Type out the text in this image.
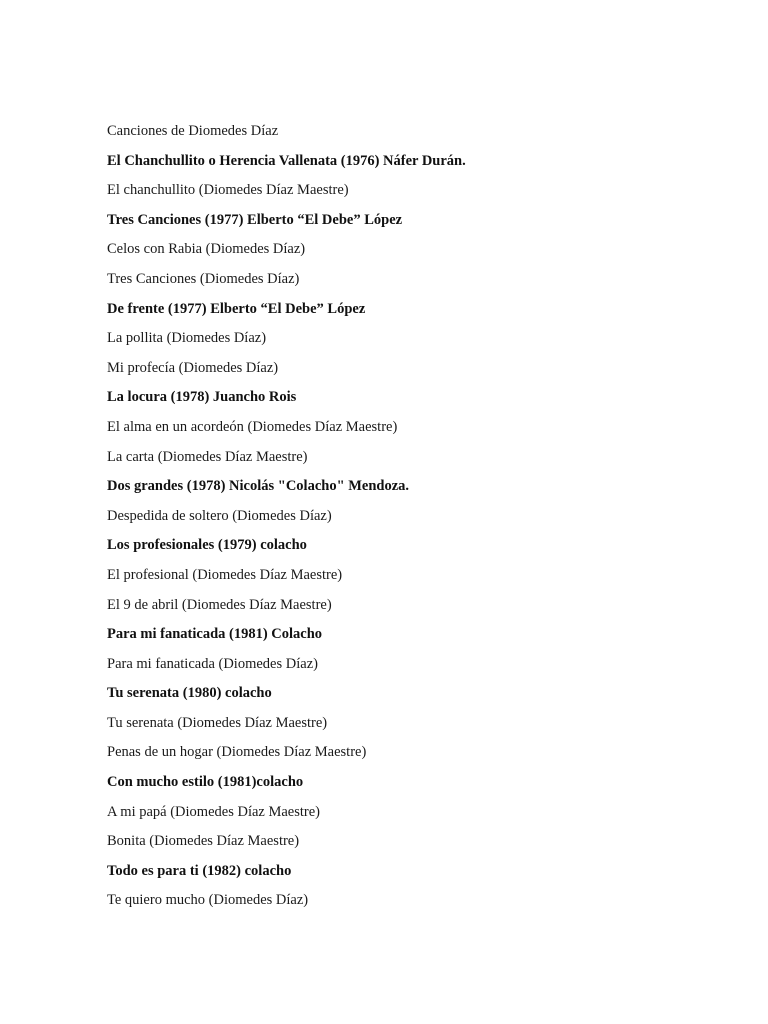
Canciones de Diomedes Díaz
El Chanchullito o Herencia Vallenata (1976) Náfer Durán.
El chanchullito (Diomedes Díaz Maestre)
Tres Canciones (1977) Elberto “El Debe” López
Celos con Rabia (Diomedes Díaz)
Tres Canciones (Diomedes Díaz)
De frente (1977) Elberto “El Debe” López
La pollita (Diomedes Díaz)
Mi profecía (Diomedes Díaz)
La locura (1978) Juancho Rois
El alma en un acordeón (Diomedes Díaz Maestre)
La carta (Diomedes Díaz Maestre)
Dos grandes (1978) Nicolás "Colacho" Mendoza.
Despedida de soltero (Diomedes Díaz)
Los profesionales (1979) colacho
El profesional (Diomedes Díaz Maestre)
El 9 de abril (Diomedes Díaz Maestre)
Para mi fanaticada (1981) Colacho
Para mi fanaticada (Diomedes Díaz)
Tu serenata (1980) colacho
Tu serenata (Diomedes Díaz Maestre)
Penas de un hogar (Diomedes Díaz Maestre)
Con mucho estilo (1981)colacho
A mi papá (Diomedes Díaz Maestre)
Bonita (Diomedes Díaz Maestre)
Todo es para ti (1982) colacho
Te quiero mucho (Diomedes Díaz)
